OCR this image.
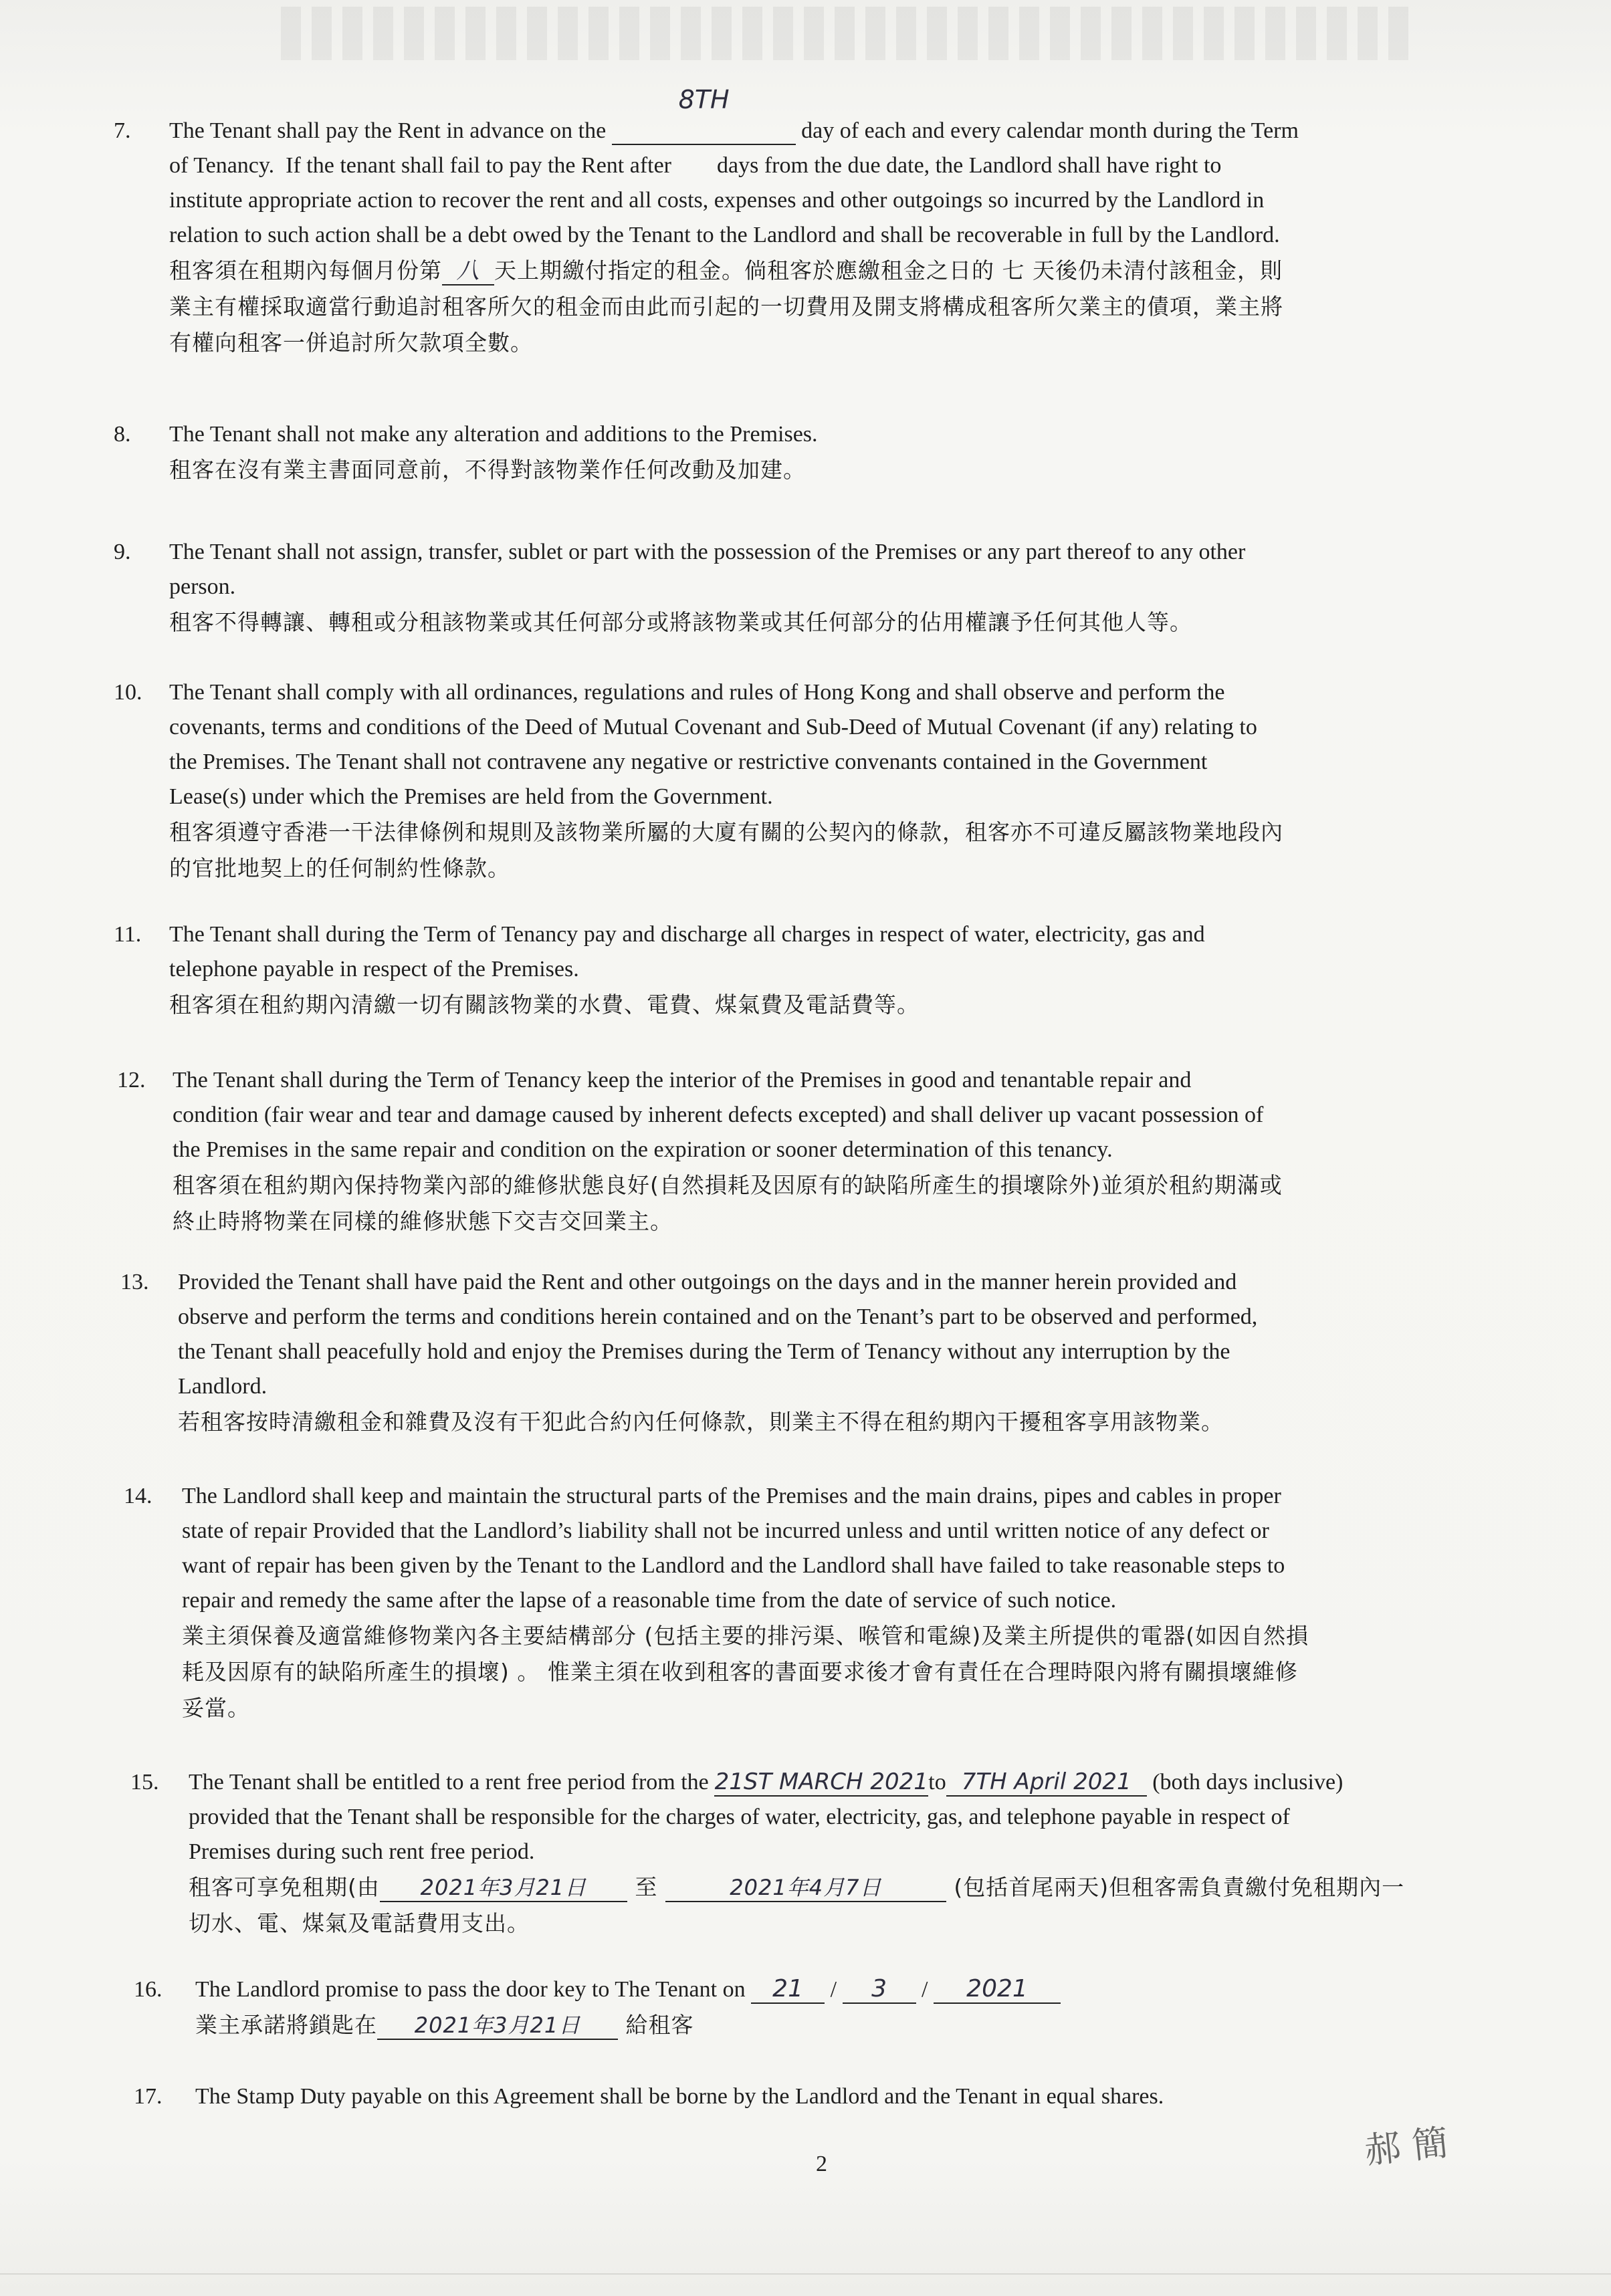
7. The Tenant shall pay the Rent in advance on the
8TH
day of each and every calendar month during the Term
of Tenancy.  If the tenant shall fail to pay the Rent after        days from the due date, the Landlord shall have right to
institute appropriate action to recover the rent and all costs, expenses and other outgoings so incurred by the Landlord in
relation to such action shall be a debt owed by the Tenant to the Landlord and shall be recoverable in full by the Landlord.
租客須在租期內每個月份第 八 天上期繳付指定的租金。倘租客於應繳租金之日的 七 天後仍未清付該租金，則
業主有權採取適當行動追討租客所欠的租金而由此而引起的一切費用及開支將構成租客所欠業主的債項，業主將
有權向租客一併追討所欠款項全數。
8. The Tenant shall not make any alteration and additions to the Premises.
租客在沒有業主書面同意前，不得對該物業作任何改動及加建。
9. The Tenant shall not assign, transfer, sublet or part with the possession of the Premises or any part thereof to any other
person.
租客不得轉讓、轉租或分租該物業或其任何部分或將該物業或其任何部分的佔用權讓予任何其他人等。
10. The Tenant shall comply with all ordinances, regulations and rules of Hong Kong and shall observe and perform the
covenants, terms and conditions of the Deed of Mutual Covenant and Sub-Deed of Mutual Covenant (if any) relating to
the Premises. The Tenant shall not contravene any negative or restrictive convenants contained in the Government
Lease(s) under which the Premises are held from the Government.
租客須遵守香港一干法律條例和規則及該物業所屬的大廈有關的公契內的條款，租客亦不可違反屬該物業地段內
的官批地契上的任何制約性條款。
11. The Tenant shall during the Term of Tenancy pay and discharge all charges in respect of water, electricity, gas and
telephone payable in respect of the Premises.
租客須在租約期內清繳一切有關該物業的水費、電費、煤氣費及電話費等。
12. The Tenant shall during the Term of Tenancy keep the interior of the Premises in good and tenantable repair and
condition (fair wear and tear and damage caused by inherent defects excepted) and shall deliver up vacant possession of
the Premises in the same repair and condition on the expiration or sooner determination of this tenancy.
租客須在租約期內保持物業內部的維修狀態良好(自然損耗及因原有的缺陷所產生的損壞除外)並須於租約期滿或
終止時將物業在同樣的維修狀態下交吉交回業主。
13. Provided the Tenant shall have paid the Rent and other outgoings on the days and in the manner herein provided and
observe and perform the terms and conditions herein contained and on the Tenant’s part to be observed and performed,
the Tenant shall peacefully hold and enjoy the Premises during the Term of Tenancy without any interruption by the
Landlord.
若租客按時清繳租金和雜費及沒有干犯此合約內任何條款，則業主不得在租約期內干擾租客享用該物業。
14. The Landlord shall keep and maintain the structural parts of the Premises and the main drains, pipes and cables in proper
state of repair Provided that the Landlord’s liability shall not be incurred unless and until written notice of any defect or
want of repair has been given by the Tenant to the Landlord and the Landlord shall have failed to take reasonable steps to
repair and remedy the same after the lapse of a reasonable time from the date of service of such notice.
業主須保養及適當維修物業內各主要結構部分 (包括主要的排污渠、喉管和電線)及業主所提供的電器(如因自然損
耗及因原有的缺陷所產生的損壞) 。 惟業主須在收到租客的書面要求後才會有責任在合理時限內將有關損壞維修
妥當。
15. The Tenant shall be entitled to a rent free period from the 21ST MARCH 2021to 7TH April 2021 (both days inclusive)
provided that the Tenant shall be responsible for the charges of water, electricity, gas, and telephone payable in respect of
Premises during such rent free period.
租客可享免租期(由 2021年3月21日 至	2021年4月7日	(包括首尾兩天)但租客需負責繳付免租期內一
切水、電、煤氣及電話費用支出。
16. The Landlord promise to pass the door key to The Tenant on 21 / 3 / 2021
業主承諾將鎖匙在 2021年3月21日 給租客
17. The Stamp Duty payable on this Agreement shall be borne by the Landlord and the Tenant in equal shares.
2	郝 簡
